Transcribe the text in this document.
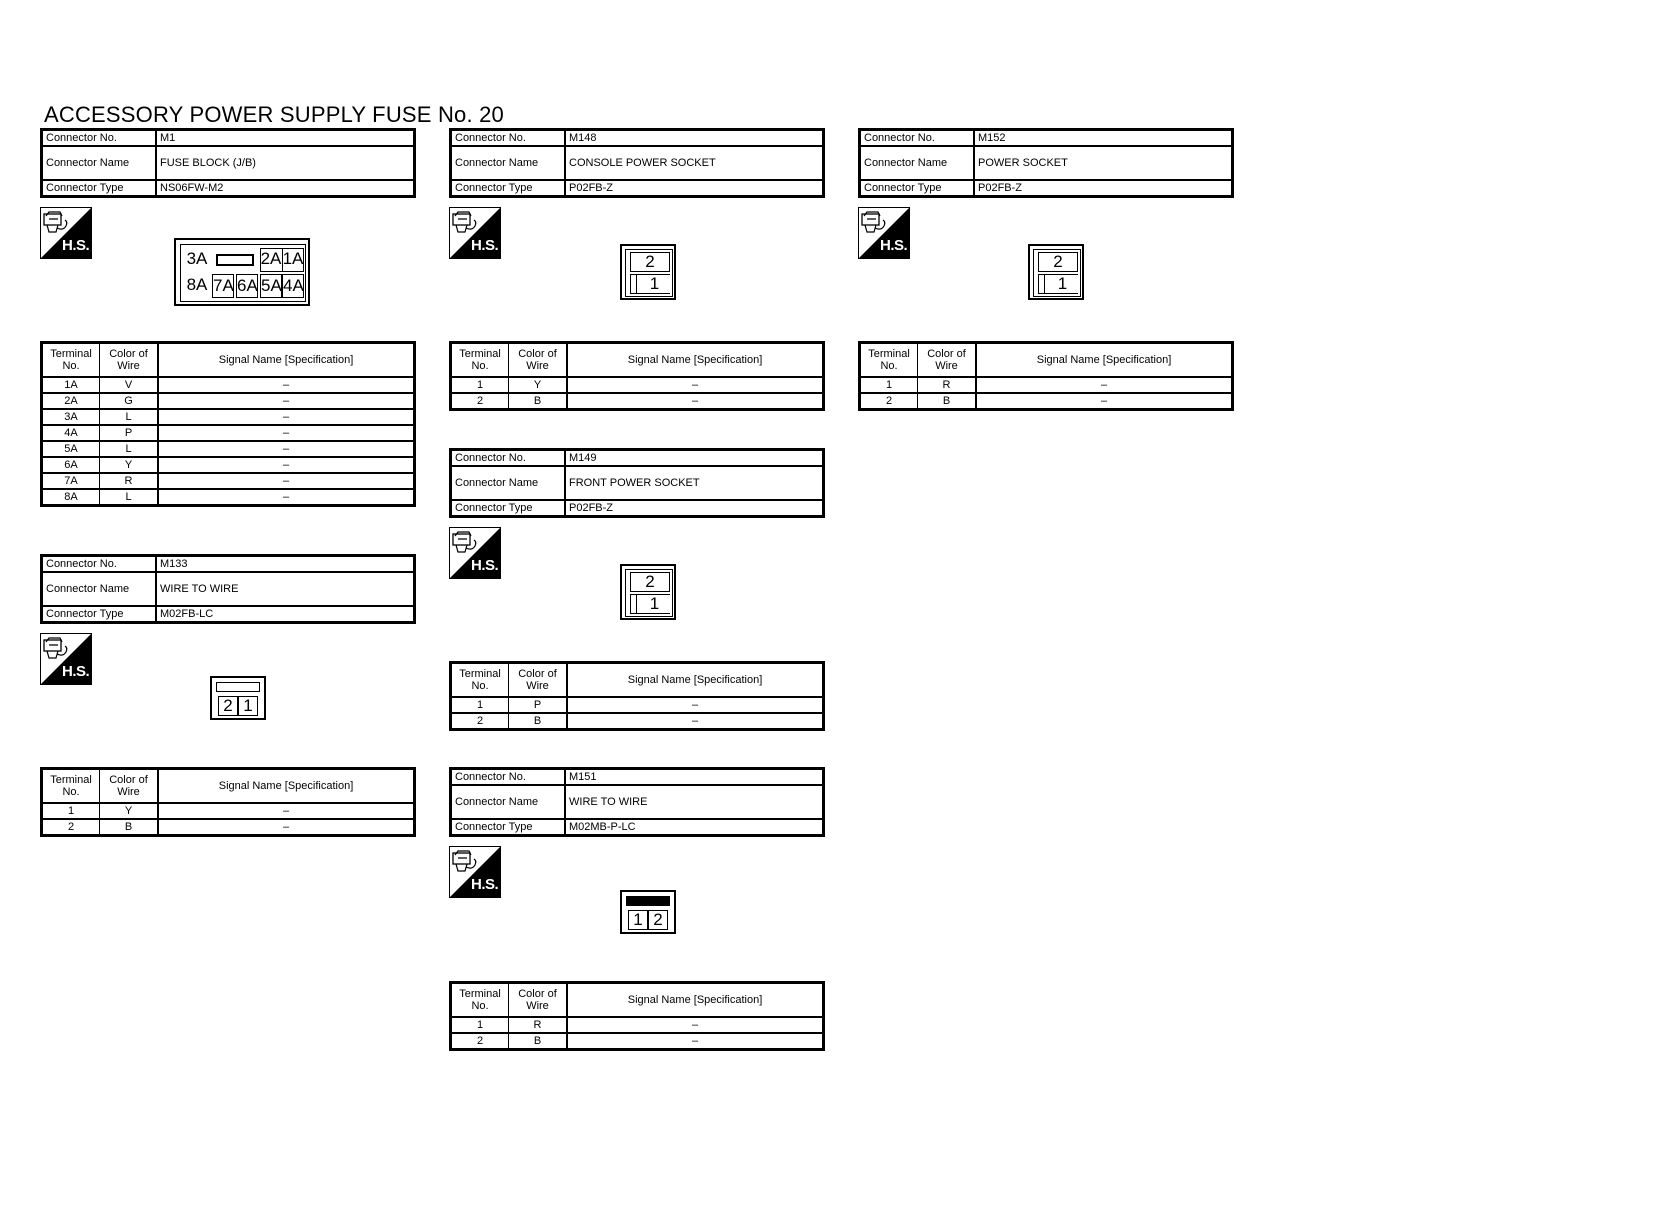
ACCESSORY POWER SUPPLY FUSE No. 20
Connector No.	M1
Connector Name	FUSE BLOCK (J/B)
Connector Type	NS06FW-M2
H.S.
3A	2A 1A
8A 7A 6A 5A 4A
Terminal No.	Color of Wire	Signal Name [Specification]
1A	V	–
2A	G	–
3A	L	–
4A	P	–
5A	L	–
6A	Y	–
7A	R	–
8A	L	–
Connector No.	M133
Connector Name	WIRE TO WIRE
Connector Type	M02FB-LC
H.S.
2 1
Terminal No.	Color of Wire	Signal Name [Specification]
1	Y	–
2	B	–
Connector No.	M148
Connector Name	CONSOLE POWER SOCKET
Connector Type	P02FB-Z
H.S.
2
1
Terminal No.	Color of Wire	Signal Name [Specification]
1	Y	–
2	B	–
Connector No.	M149
Connector Name	FRONT POWER SOCKET
Connector Type	P02FB-Z
H.S.
2
1
Terminal No.	Color of Wire	Signal Name [Specification]
1	P	–
2	B	–
Connector No.	M151
Connector Name	WIRE TO WIRE
Connector Type	M02MB-P-LC
H.S.
1 2
Terminal No.	Color of Wire	Signal Name [Specification]
1	R	–
2	B	–
Connector No.	M152
Connector Name	POWER SOCKET
Connector Type	P02FB-Z
H.S.
2
1
Terminal No.	Color of Wire	Signal Name [Specification]
1	R	–
2	B	–
